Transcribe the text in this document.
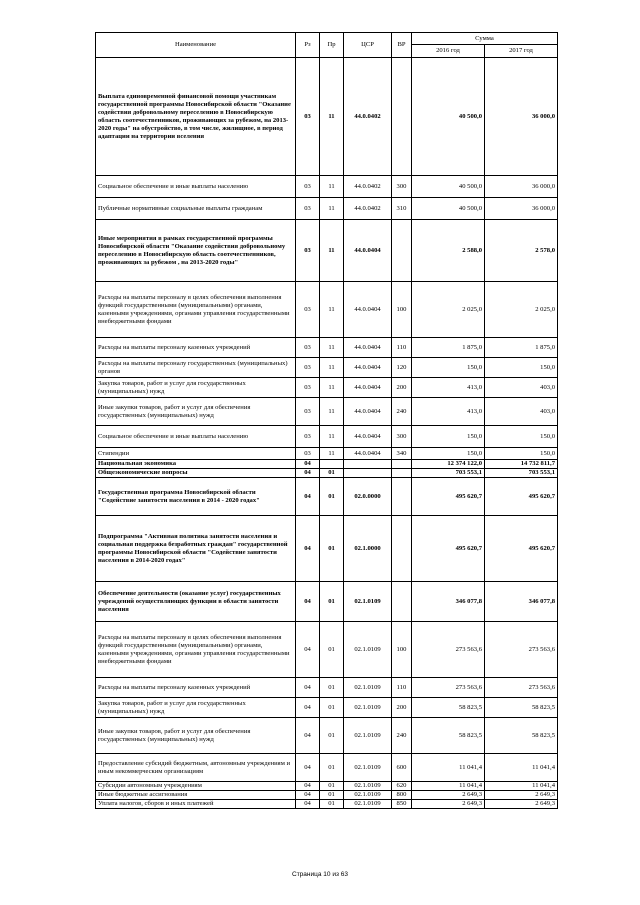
Наименование	Рз	Пр	ЦСР	ВР	Сумма	
					2016 год	2017 год
Выплата единовременной финансовой помощи участникам государственной программы Новосибирской области "Оказание содействия добровольному переселению в Новосибирскую область соотечественников, проживающих за рубежом, на 2013-2020 годы" на обустройство, в том числе, жилищное, в период адаптации на территории вселения	03	11	44.0.0402		40 500,0	36 000,0
Социальное обеспечение и иные выплаты населению	03	11	44.0.0402	300	40 500,0	36 000,0
Публичные нормативные социальные выплаты гражданам	03	11	44.0.0402	310	40 500,0	36 000,0
Иные мероприятия в рамках государственной программы Новосибирской области "Оказание содействия добровольному переселению в Новосибирскую область соотечественников, проживающих за рубежом , на 2013-2020 годы"	03	11	44.0.0404		2 588,0	2 578,0
Расходы на выплаты персоналу в целях обеспечения выполнения функций государственными (муниципальными) органами, казенными учреждениями, органами управления государственными внебюджетными фондами	03	11	44.0.0404	100	2 025,0	2 025,0
Расходы на выплаты персоналу казенных учреждений	03	11	44.0.0404	110	1 875,0	1 875,0
Расходы на выплаты персоналу государственных (муниципальных) органов	03	11	44.0.0404	120	150,0	150,0
Закупка товаров, работ и услуг для государственных (муниципальных) нужд	03	11	44.0.0404	200	413,0	403,0
Иные закупки товаров, работ и услуг для обеспечения государственных (муниципальных) нужд	03	11	44.0.0404	240	413,0	403,0
Социальное обеспечение и иные выплаты населению	03	11	44.0.0404	300	150,0	150,0
Стипендии	03	11	44.0.0404	340	150,0	150,0
Национальная экономика	04				12 374 122,0	14 732 811,7
Общеэкономические вопросы	04	01			703 553,1	703 553,1
Государственная программа Новосибирской области "Содействие занятости населения в 2014 - 2020 годах"	04	01	02.0.0000		495 620,7	495 620,7
Подпрограмма "Активная политика занятости населения и социальная поддержка безработных граждан" государственной программы Новосибирской области "Содействие занятости населения в 2014-2020 годах"	04	01	02.1.0000		495 620,7	495 620,7
Обеспечение деятельности (оказание услуг) государственных учреждений осуществляющих функции в области занятости населения	04	01	02.1.0109		346 077,8	346 077,8
Расходы на выплаты персоналу в целях обеспечения выполнения функций государственными (муниципальными) органами, казенными учреждениями, органами управления государственными внебюджетными фондами	04	01	02.1.0109	100	273 563,6	273 563,6
Расходы на выплаты персоналу казенных учреждений	04	01	02.1.0109	110	273 563,6	273 563,6
Закупка товаров, работ и услуг для государственных (муниципальных) нужд	04	01	02.1.0109	200	58 823,5	58 823,5
Иные закупки товаров, работ и услуг для обеспечения государственных (муниципальных) нужд	04	01	02.1.0109	240	58 823,5	58 823,5
Предоставление субсидий бюджетным, автономным учреждениям и иным некоммерческим организациям	04	01	02.1.0109	600	11 041,4	11 041,4
Субсидии автономным учреждениям	04	01	02.1.0109	620	11 041,4	11 041,4
Иные бюджетные ассигнования	04	01	02.1.0109	800	2 649,3	2 649,3
Уплата налогов, сборов и иных платежей	04	01	02.1.0109	850	2 649,3	2 649,3
Страница 10 из 63
